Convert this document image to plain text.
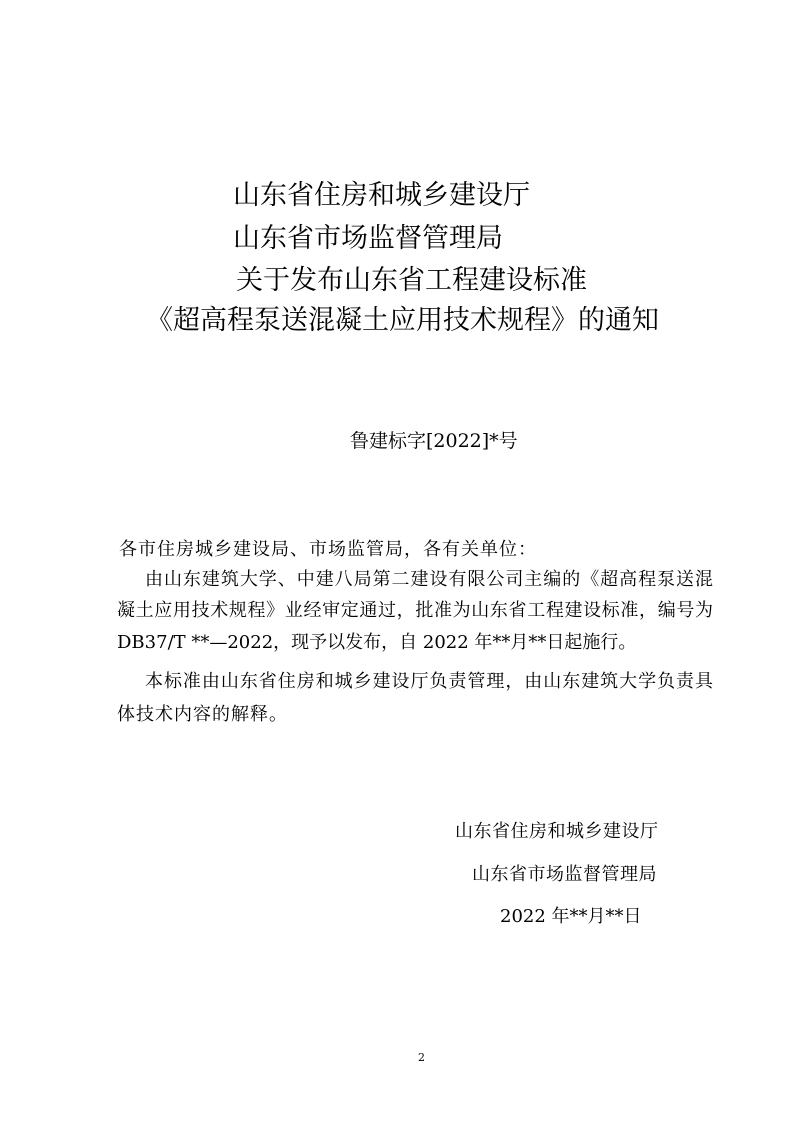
山东省住房和城乡建设厅
山东省市场监督管理局
关于发布山东省工程建设标准
《超高程泵送混凝土应用技术规程》的通知
鲁建标字[2022]*号
各市住房城乡建设局、市场监管局，各有关单位：
由山东建筑大学、中建八局第二建设有限公司主编的《超高程泵送混
凝土应用技术规程》业经审定通过，批准为山东省工程建设标准，编号为
DB37/T **—2022，现予以发布，自 2022 年**月**日起施行。
本标准由山东省住房和城乡建设厅负责管理，由山东建筑大学负责具
体技术内容的解释。
山东省住房和城乡建设厅
山东省市场监督管理局
2022 年**月**日
2
